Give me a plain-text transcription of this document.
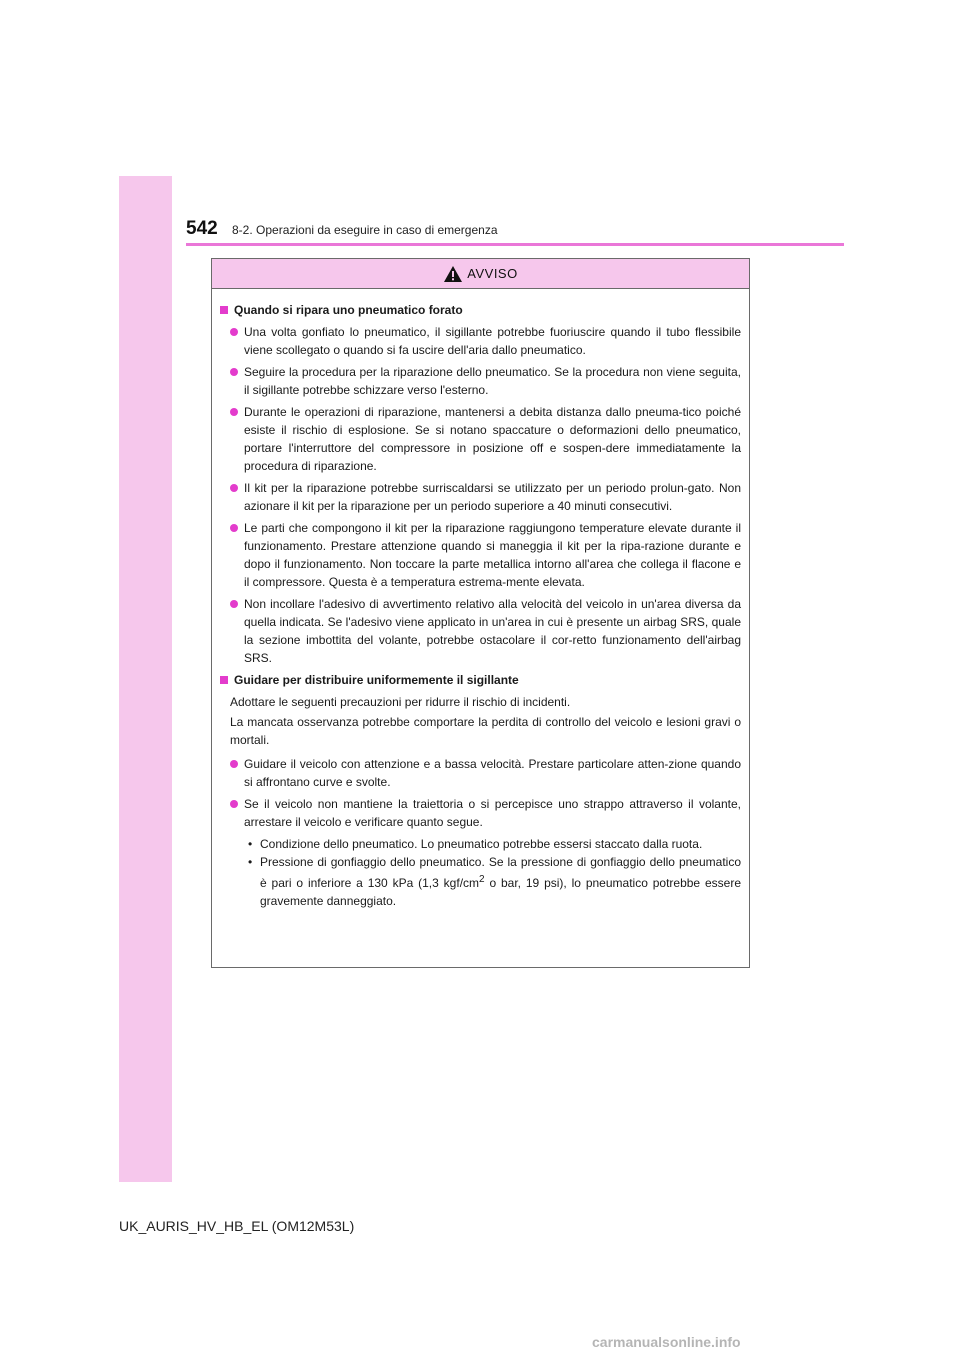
542 8-2. Operazioni da eseguire in caso di emergenza
AVVISO
Quando si ripara uno pneumatico forato
Una volta gonfiato lo pneumatico, il sigillante potrebbe fuoriuscire quando il tubo flessibile viene scollegato o quando si fa uscire dell'aria dallo pneumatico.
Seguire la procedura per la riparazione dello pneumatico. Se la procedura non viene seguita, il sigillante potrebbe schizzare verso l'esterno.
Durante le operazioni di riparazione, mantenersi a debita distanza dallo pneuma-tico poiché esiste il rischio di esplosione. Se si notano spaccature o deformazioni dello pneumatico, portare l'interruttore del compressore in posizione off e sospen-dere immediatamente la procedura di riparazione.
Il kit per la riparazione potrebbe surriscaldarsi se utilizzato per un periodo prolun-gato. Non azionare il kit per la riparazione per un periodo superiore a 40 minuti consecutivi.
Le parti che compongono il kit per la riparazione raggiungono temperature elevate durante il funzionamento. Prestare attenzione quando si maneggia il kit per la ripa-razione durante e dopo il funzionamento. Non toccare la parte metallica intorno all'area che collega il flacone e il compressore. Questa è a temperatura estrema-mente elevata.
Non incollare l'adesivo di avvertimento relativo alla velocità del veicolo in un'area diversa da quella indicata. Se l'adesivo viene applicato in un'area in cui è presente un airbag SRS, quale la sezione imbottita del volante, potrebbe ostacolare il cor-retto funzionamento dell'airbag SRS.
Guidare per distribuire uniformemente il sigillante
Adottare le seguenti precauzioni per ridurre il rischio di incidenti.
La mancata osservanza potrebbe comportare la perdita di controllo del veicolo e lesioni gravi o mortali.
Guidare il veicolo con attenzione e a bassa velocità. Prestare particolare atten-zione quando si affrontano curve e svolte.
Se il veicolo non mantiene la traiettoria o si percepisce uno strappo attraverso il volante, arrestare il veicolo e verificare quanto segue.
• Condizione dello pneumatico. Lo pneumatico potrebbe essersi staccato dalla ruota.
• Pressione di gonfiaggio dello pneumatico. Se la pressione di gonfiaggio dello pneumatico è pari o inferiore a 130 kPa (1,3 kgf/$cm^2$ o bar, 19 psi), lo pneumatico potrebbe essere gravemente danneggiato.
UK_AURIS_HV_HB_EL (OM12M53L)
carmanualsonline.info
